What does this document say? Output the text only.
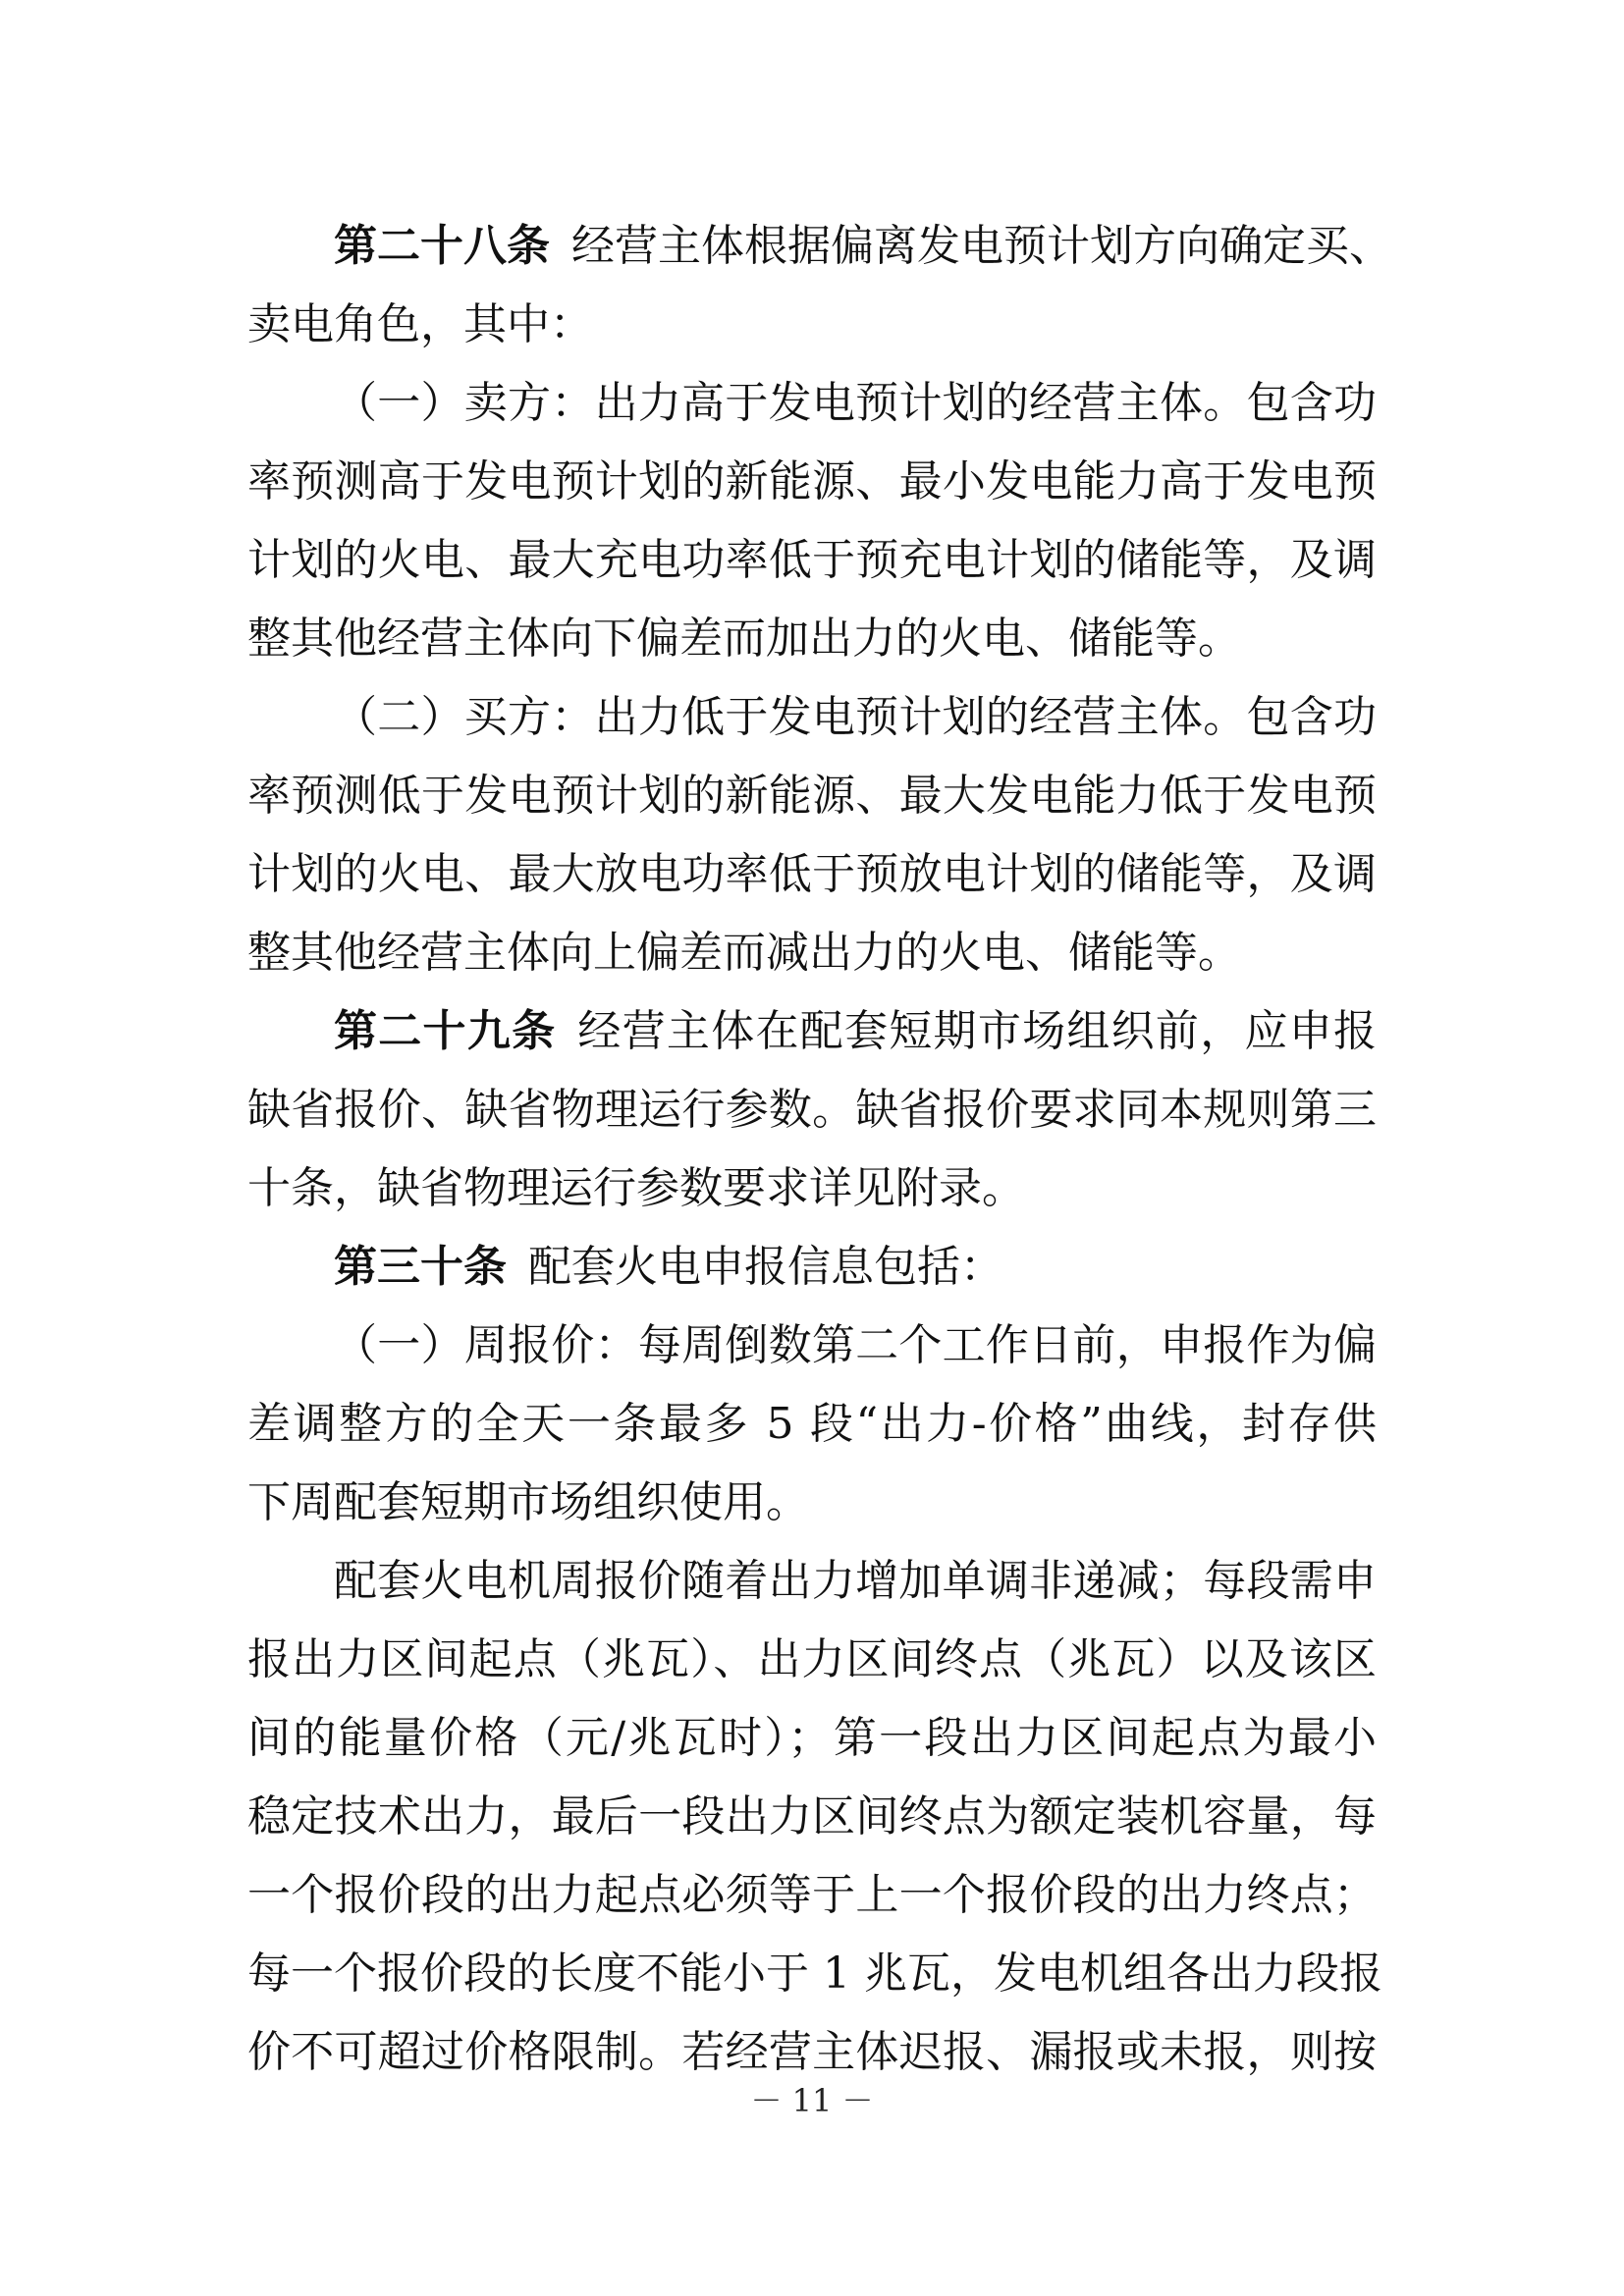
第二十八条 经营主体根据偏离发电预计划方向确定买、
卖电角色，其中：
（一）卖方：出力高于发电预计划的经营主体。包含功
率预测高于发电预计划的新能源、最小发电能力高于发电预
计划的火电、最大充电功率低于预充电计划的储能等，及调
整其他经营主体向下偏差而加出力的火电、储能等。
（二）买方：出力低于发电预计划的经营主体。包含功
率预测低于发电预计划的新能源、最大发电能力低于发电预
计划的火电、最大放电功率低于预放电计划的储能等，及调
整其他经营主体向上偏差而减出力的火电、储能等。
第二十九条 经营主体在配套短期市场组织前，应申报
缺省报价、缺省物理运行参数。缺省报价要求同本规则第三
十条，缺省物理运行参数要求详见附录。
第三十条 配套火电申报信息包括：
（一）周报价：每周倒数第二个工作日前，申报作为偏
差调整方的全天一条最多 5 段“出力-价格”曲线，封存供
下周配套短期市场组织使用。
配套火电机周报价随着出力增加单调非递减；每段需申
报出力区间起点（兆瓦）、出力区间终点（兆瓦）以及该区
间的能量价格（元/兆瓦时）；第一段出力区间起点为最小
稳定技术出力，最后一段出力区间终点为额定装机容量，每
一个报价段的出力起点必须等于上一个报价段的出力终点；
每一个报价段的长度不能小于 1 兆瓦，发电机组各出力段报
价不可超过价格限制。若经营主体迟报、漏报或未报，则按
－ 11 －
